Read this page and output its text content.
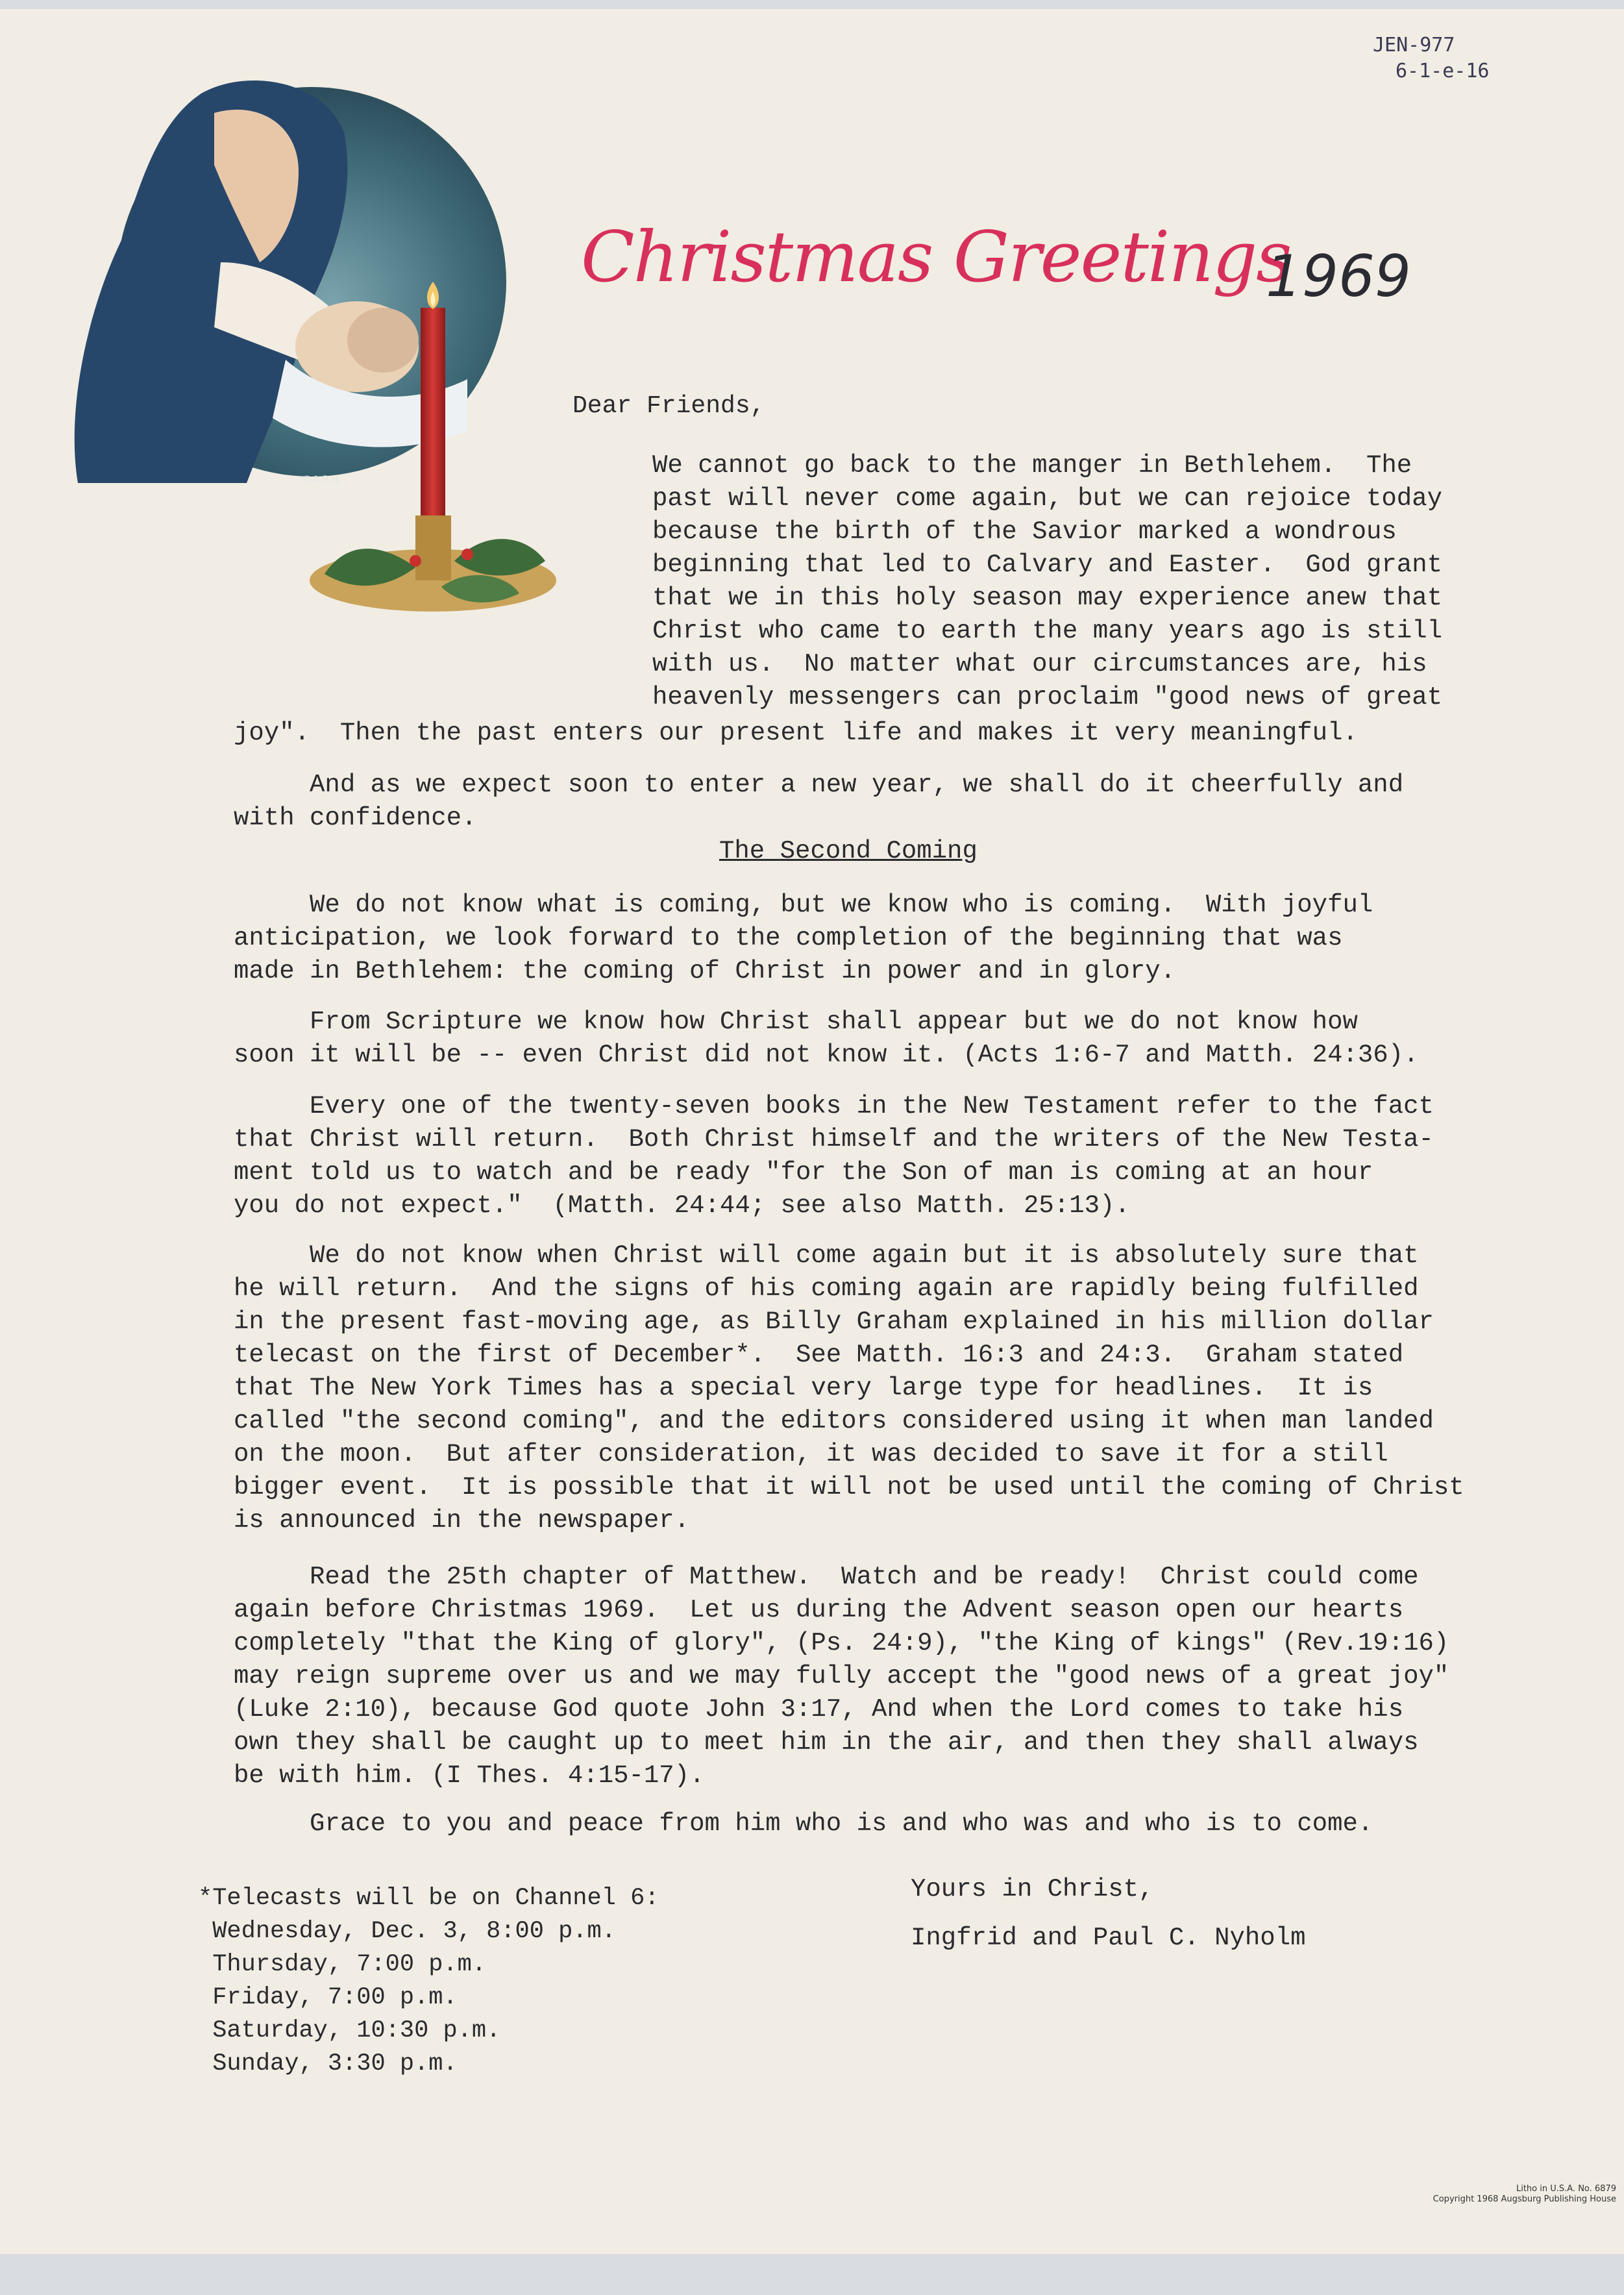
JEN-977
6-1-e-16
©A.P.H.
Christmas Greetings
1969
Dear Friends,
We cannot go back to the manger in Bethlehem.  The
past will never come again, but we can rejoice today
because the birth of the Savior marked a wondrous
beginning that led to Calvary and Easter.  God grant
that we in this holy season may experience anew that
Christ who came to earth the many years ago is still
with us.  No matter what our circumstances are, his
heavenly messengers can proclaim "good news of great
joy".  Then the past enters our present life and makes it very meaningful.
And as we expect soon to enter a new year, we shall do it cheerfully and
with confidence.
The Second Coming
We do not know what is coming, but we know who is coming.  With joyful
anticipation, we look forward to the completion of the beginning that was
made in Bethlehem: the coming of Christ in power and in glory.
From Scripture we know how Christ shall appear but we do not know how
soon it will be -- even Christ did not know it. (Acts 1:6-7 and Matth. 24:36).
Every one of the twenty-seven books in the New Testament refer to the fact
that Christ will return.  Both Christ himself and the writers of the New Testa-
ment told us to watch and be ready "for the Son of man is coming at an hour
you do not expect."  (Matth. 24:44; see also Matth. 25:13).
We do not know when Christ will come again but it is absolutely sure that
he will return.  And the signs of his coming again are rapidly being fulfilled
in the present fast-moving age, as Billy Graham explained in his million dollar
telecast on the first of December*.  See Matth. 16:3 and 24:3.  Graham stated
that The New York Times has a special very large type for headlines.  It is
called "the second coming", and the editors considered using it when man landed
on the moon.  But after consideration, it was decided to save it for a still
bigger event.  It is possible that it will not be used until the coming of Christ
is announced in the newspaper.
Read the 25th chapter of Matthew.  Watch and be ready!  Christ could come
again before Christmas 1969.  Let us during the Advent season open our hearts
completely "that the King of glory", (Ps. 24:9), "the King of kings" (Rev.19:16)
may reign supreme over us and we may fully accept the "good news of a great joy"
(Luke 2:10), because God quote John 3:17, And when the Lord comes to take his
own they shall be caught up to meet him in the air, and then they shall always
be with him. (I Thes. 4:15-17).
Grace to you and peace from him who is and who was and who is to come.
Yours in Christ,
Ingfrid and Paul C. Nyholm
*Telecasts will be on Channel 6:
Wednesday, Dec. 3, 8:00 p.m.
Thursday, 7:00 p.m.
Friday, 7:00 p.m.
Saturday, 10:30 p.m.
Sunday, 3:30 p.m.
Litho in U.S.A. No. 6879
Copyright 1968 Augsburg Publishing House
